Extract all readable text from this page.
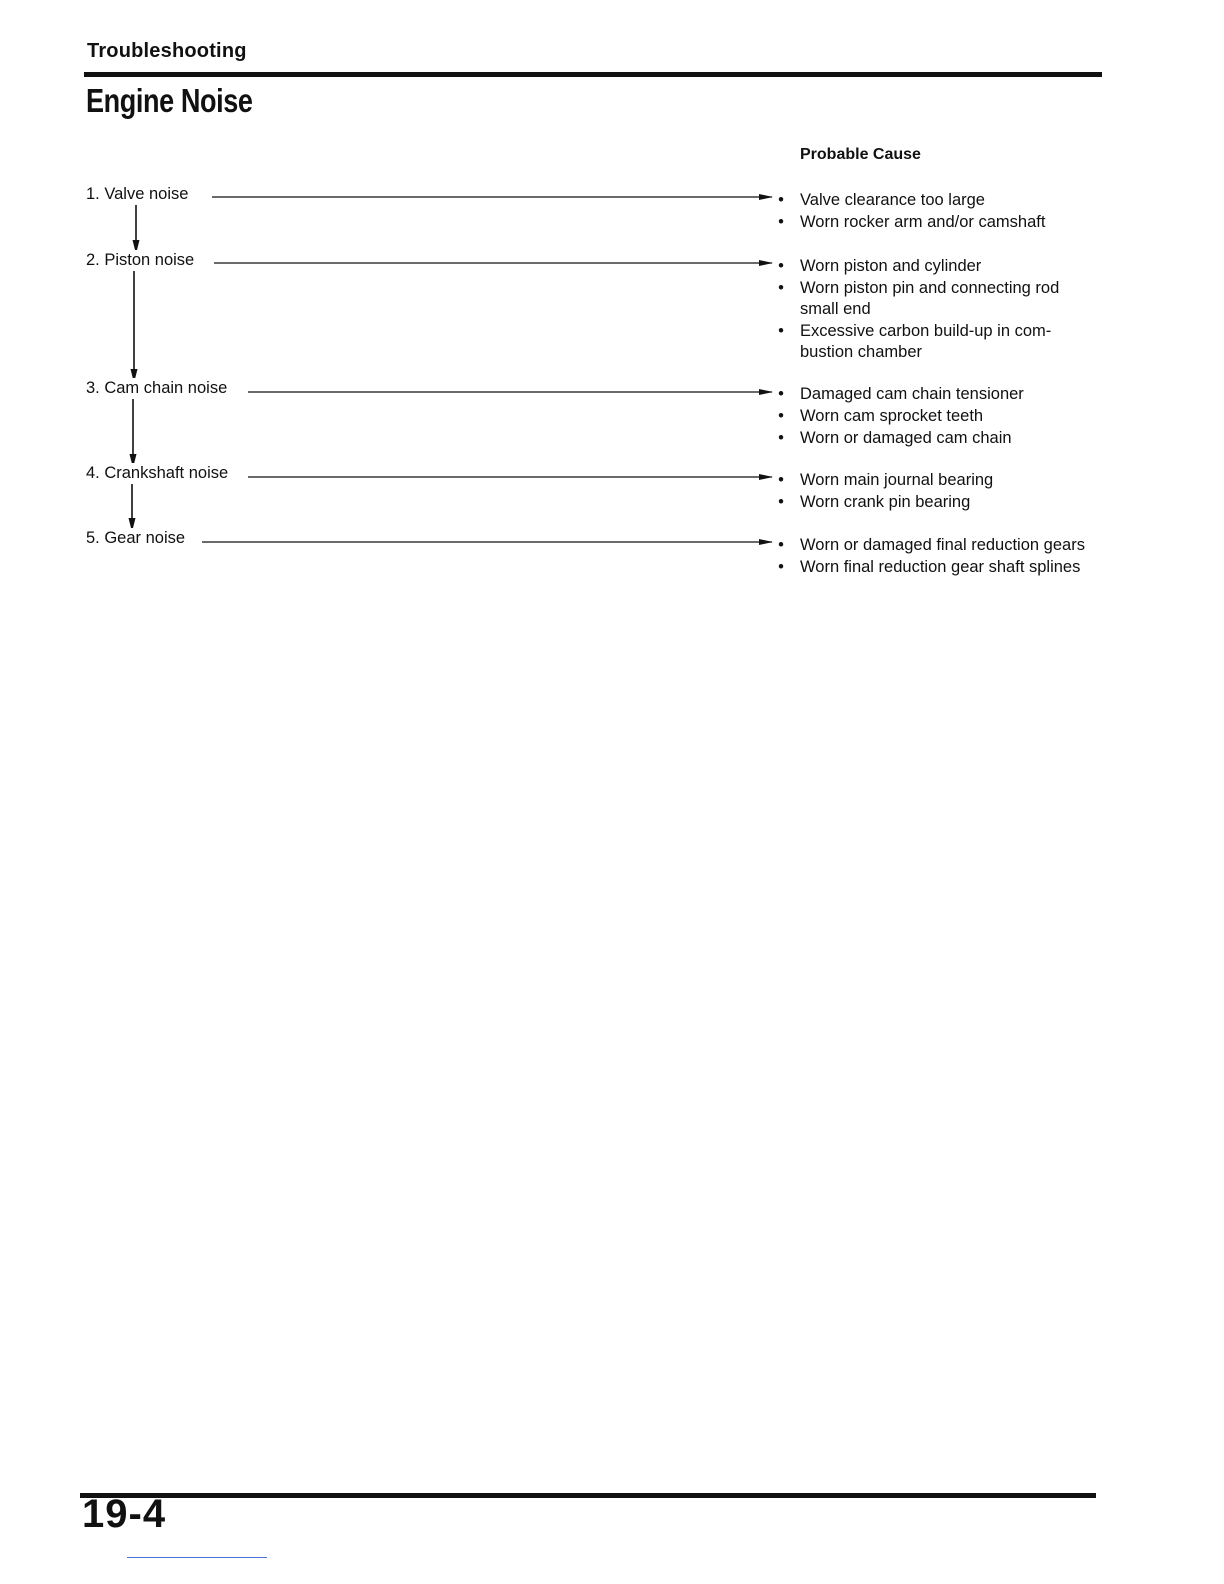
Troubleshooting
Engine Noise
Probable Cause
1. Valve noise
2. Piston noise
3. Cam chain noise
4. Crankshaft noise
5. Gear noise
• Valve clearance too large
• Worn rocker arm and/or camshaft
• Worn piston and cylinder
• Worn piston pin and connecting rod small end
• Excessive carbon build-up in com-bustion chamber
• Damaged cam chain tensioner
• Worn cam sprocket teeth
• Worn or damaged cam chain
• Worn main journal bearing
• Worn crank pin bearing
• Worn or damaged final reduction gears
• Worn final reduction gear shaft splines
19-4
